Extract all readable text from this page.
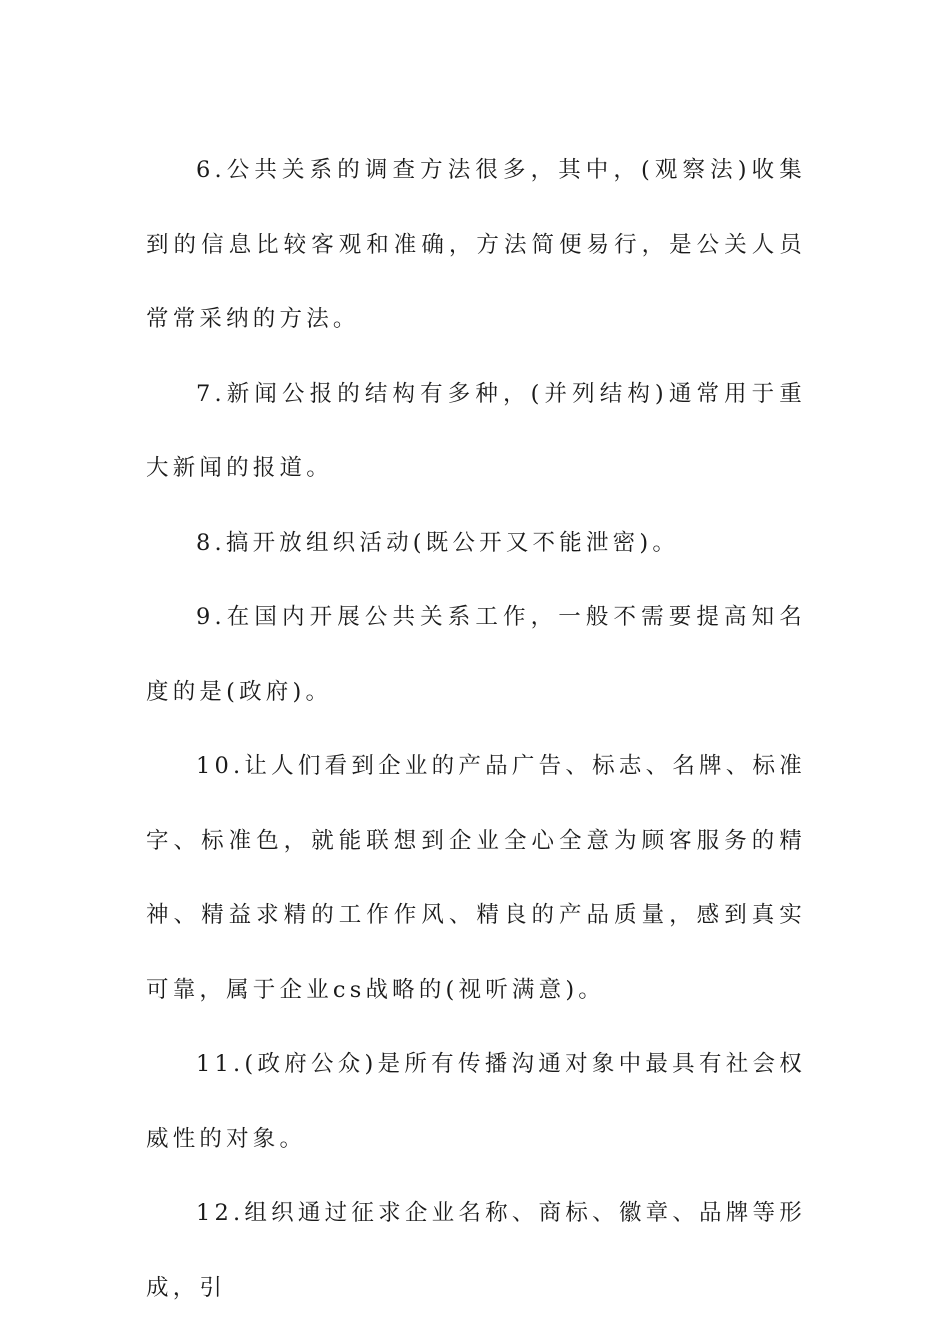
6.公共关系的调查方法很多，其中，(观察法)收集到的信息比较客观和准确，方法简便易行，是公关人员常常采纳的方法。

7.新闻公报的结构有多种，(并列结构)通常用于重大新闻的报道。

8.搞开放组织活动(既公开又不能泄密)。

9.在国内开展公共关系工作，一般不需要提高知名度的是(政府)。

10.让人们看到企业的产品广告、标志、名牌、标准字、标准色，就能联想到企业全心全意为顾客服务的精神、精益求精的工作作风、精良的产品质量，感到真实可靠，属于企业cs战略的(视听满意)。

11.(政府公众)是所有传播沟通对象中最具有社会权威性的对象。

12.组织通过征求企业名称、商标、徽章、品牌等形成，引
